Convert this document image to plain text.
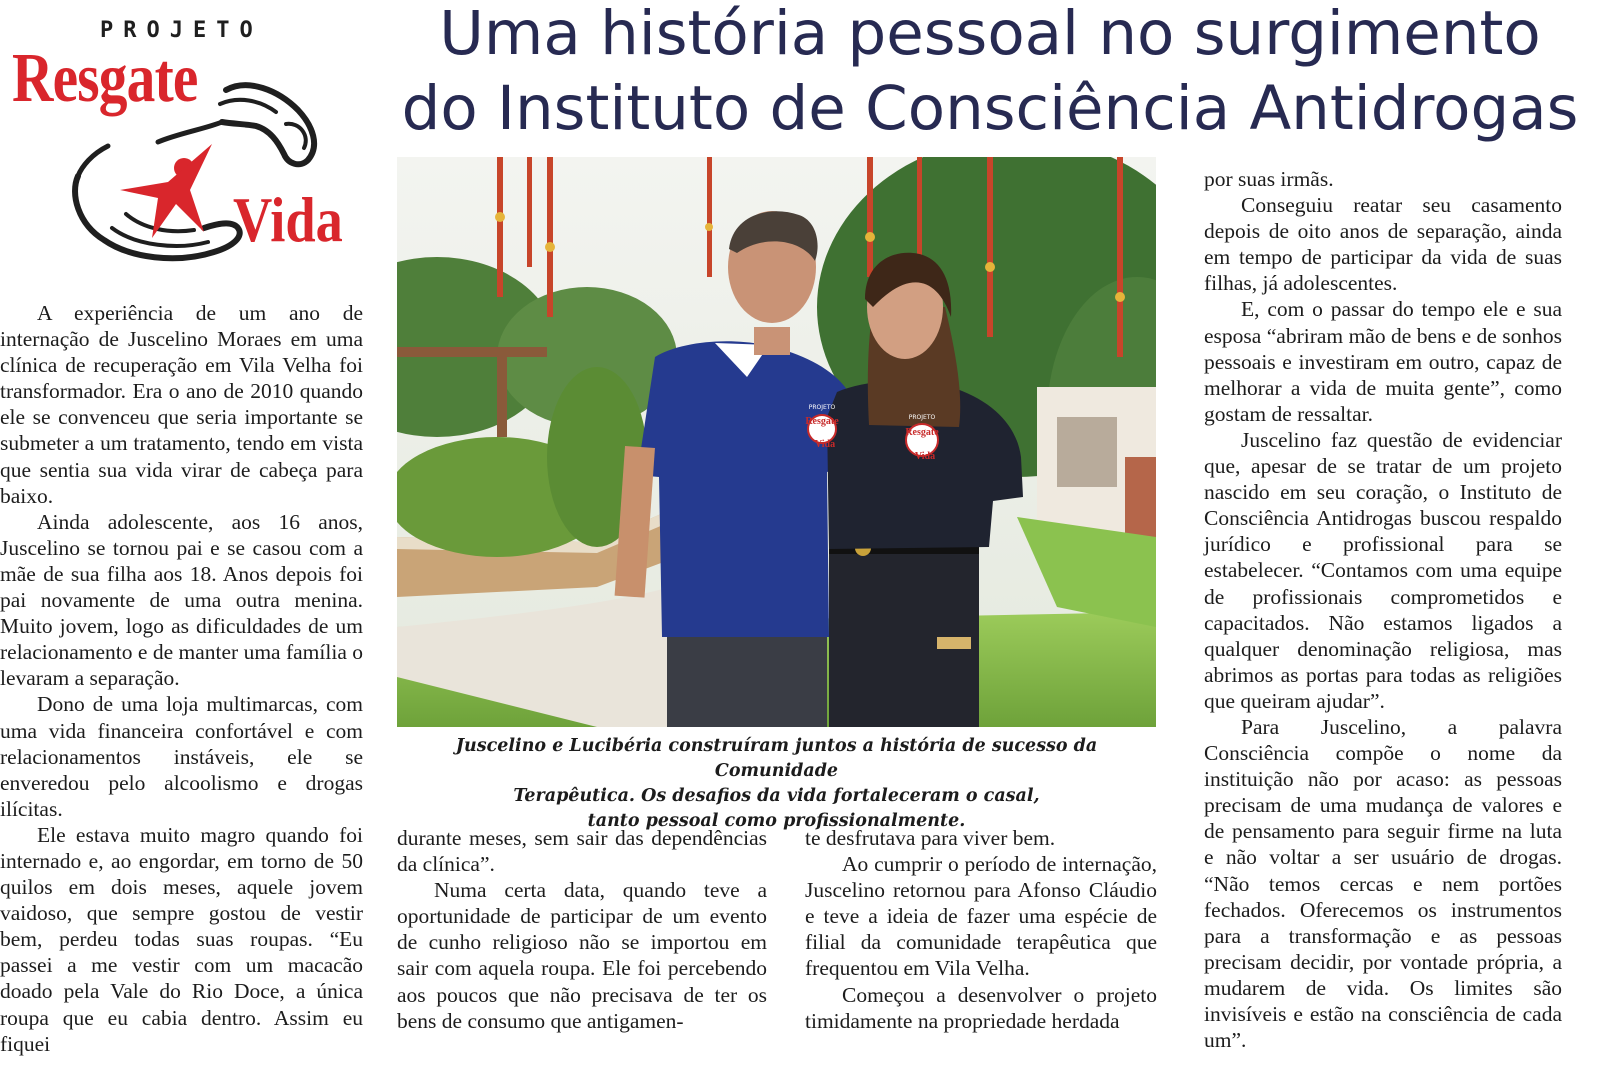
PROJETO
Resgate
Vida
Uma história pessoal no surgimento
do Instituto de Consciência Antidrogas
PROJETO
Resgate
Vida
PROJETO
Resgate
Vida
Juscelino e Lucibéria construíram juntos a história de sucesso da Comunidade
Terapêutica. Os desafios da vida fortaleceram o casal,
tanto pessoal como profissionalmente.

A experiência de um ano de internação de Juscelino Moraes em uma clínica de recuperação em Vila Velha foi transformador. Era o ano de 2010 quando ele se convenceu que seria importante se submeter a um tratamento, tendo em vista que sentia sua vida virar de cabeça para baixo.

Ainda adolescente, aos 16 anos, Juscelino se tornou pai e se casou com a mãe de sua filha aos 18. Anos depois foi pai novamente de uma outra menina. Muito jovem, logo as dificuldades de um relacionamento e de manter uma família o levaram a separação.

Dono de uma loja multimarcas, com uma vida financeira confortável e com relacionamentos instáveis, ele se enveredou pelo alcoolismo e drogas ilícitas.

Ele estava muito magro quando foi internado e, ao engordar, em torno de 50 quilos em dois meses, aquele jovem vaidoso, que sempre gostou de vestir bem, perdeu todas suas roupas. “Eu passei a me vestir com um macacão doado pela Vale do Rio Doce, a única roupa que eu cabia dentro. Assim eu fiquei

durante meses, sem sair das dependências da clínica”.

Numa certa data, quando teve a oportunidade de participar de um evento de cunho religioso não se importou em sair com aquela roupa. Ele foi percebendo aos poucos que não precisava de ter os bens de consumo que antigamen-

te desfrutava para viver bem.

Ao cumprir o período de internação, Juscelino retornou para Afonso Cláudio e teve a ideia de fazer uma espécie de filial da comunidade terapêutica que frequentou em Vila Velha.

Começou a desenvolver o projeto timidamente na propriedade herdada

por suas irmãs.

Conseguiu reatar seu casamento depois de oito anos de separação, ainda em tempo de participar da vida de suas filhas, já adolescentes.

E, com o passar do tempo ele e sua esposa “abriram mão de bens e de sonhos pessoais e investiram em outro, capaz de melhorar a vida de muita gente”, como gostam de ressaltar.

Juscelino faz questão de evidenciar que, apesar de se tratar de um projeto nascido em seu coração, o Instituto de Consciência Antidrogas buscou respaldo jurídico e profissional para se estabelecer. “Contamos com uma equipe de profissionais comprometidos e capacitados. Não estamos ligados a qualquer denominação religiosa, mas abrimos as portas para todas as religiões que queiram ajudar”.

Para Juscelino, a palavra Consciência compõe o nome da instituição não por acaso: as pessoas precisam de uma mudança de valores e de pensamento para seguir firme na luta e não voltar a ser usuário de drogas. “Não temos cercas e nem portões fechados. Oferecemos os instrumentos para a transformação e as pessoas precisam decidir, por vontade própria, a mudarem de vida. Os limites são invisíveis e estão na consciência de cada um”.
